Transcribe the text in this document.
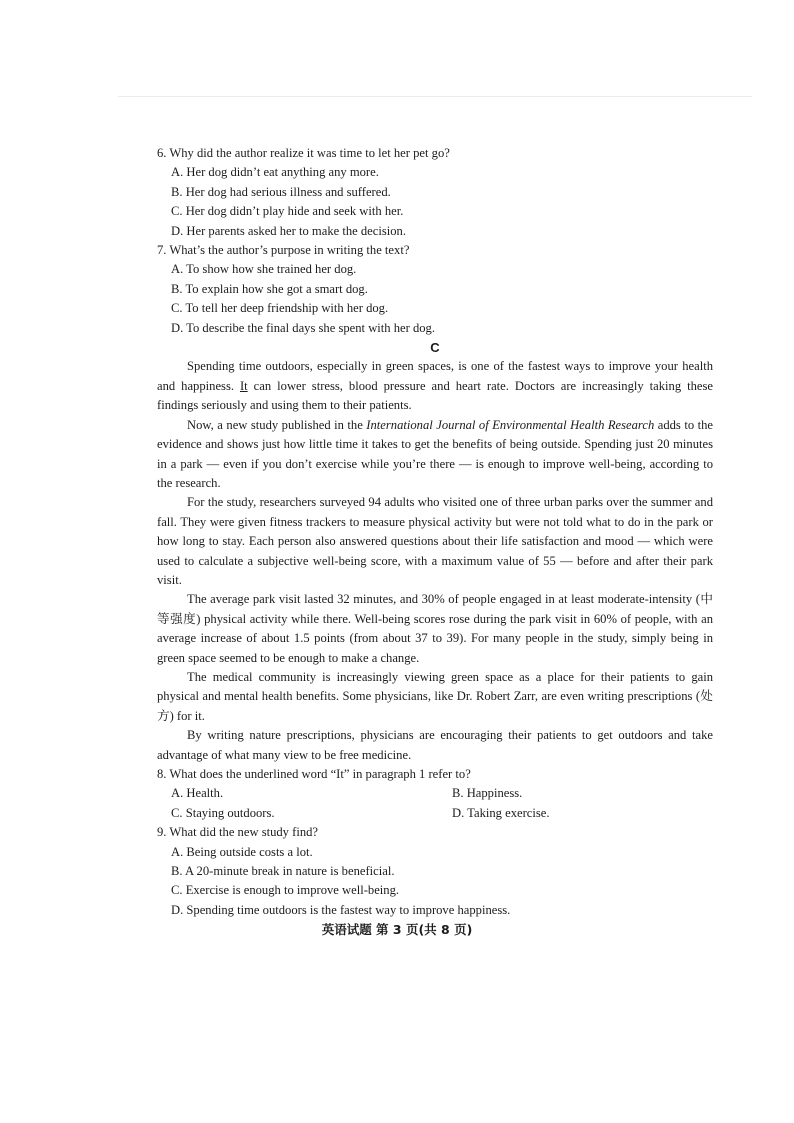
6. Why did the author realize it was time to let her pet go?

A. Her dog didn’t eat anything any more.

B. Her dog had serious illness and suffered.

C. Her dog didn’t play hide and seek with her.

D. Her parents asked her to make the decision.

7. What’s the author’s purpose in writing the text?

A. To show how she trained her dog.

B. To explain how she got a smart dog.

C. To tell her deep friendship with her dog.

D. To describe the final days she spent with her dog.

C

Spending time outdoors, especially in green spaces, is one of the fastest ways to improve your health and happiness. It can lower stress, blood pressure and heart rate. Doctors are increasingly taking these findings seriously and using them to their patients.

Now, a new study published in the International Journal of Environmental Health Research adds to the evidence and shows just how little time it takes to get the benefits of being outside. Spending just 20 minutes in a park — even if you don’t exercise while you’re there — is enough to improve well-being, according to the research.

For the study, researchers surveyed 94 adults who visited one of three urban parks over the summer and fall. They were given fitness trackers to measure physical activity but were not told what to do in the park or how long to stay. Each person also answered questions about their life satisfaction and mood — which were used to calculate a subjective well-being score, with a maximum value of 55 — before and after their park visit.

The average park visit lasted 32 minutes, and 30% of people engaged in at least moderate-intensity (中等强度) physical activity while there. Well-being scores rose during the park visit in 60% of people, with an average increase of about 1.5 points (from about 37 to 39). For many people in the study, simply being in green space seemed to be enough to make a change.

The medical community is increasingly viewing green space as a place for their patients to gain physical and mental health benefits. Some physicians, like Dr. Robert Zarr, are even writing prescriptions (处方) for it.

By writing nature prescriptions, physicians are encouraging their patients to get outdoors and take advantage of what many view to be free medicine.

8. What does the underlined word “It” in paragraph 1 refer to?

A. Health.	B. Happiness.
C. Staying outdoors.	D. Taking exercise.

9. What did the new study find?

A. Being outside costs a lot.

B. A 20-minute break in nature is beneficial.

C. Exercise is enough to improve well-being.

D. Spending time outdoors is the fastest way to improve happiness.

英语试题 第 3 页(共 8 页)
